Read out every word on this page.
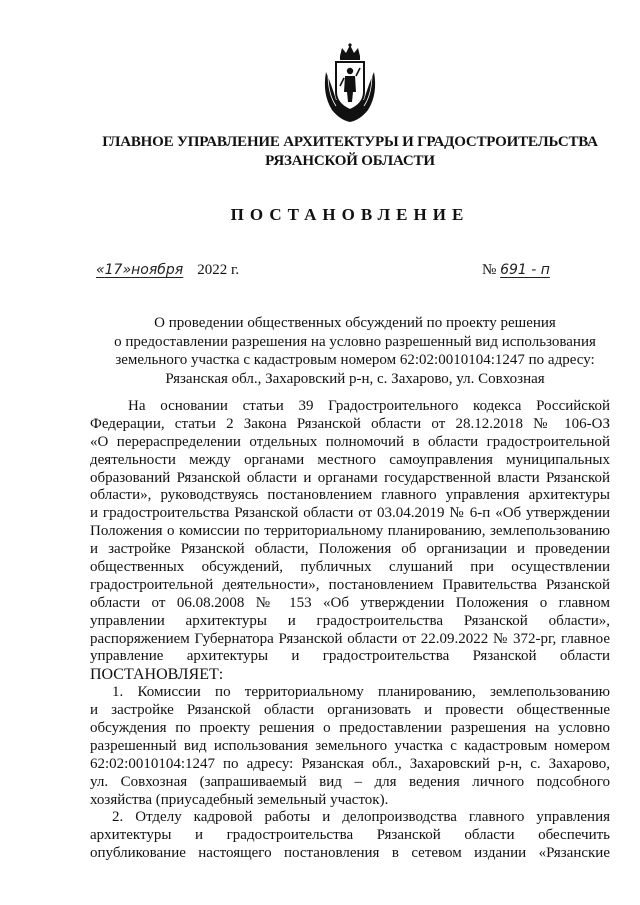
ГЛАВНОЕ УПРАВЛЕНИЕ АРХИТЕКТУРЫ И ГРАДОСТРОИТЕЛЬСТВА
РЯЗАНСКОЙ ОБЛАСТИ
ПОСТАНОВЛЕНИЕ
«17»ноября 2022 г.	№ 691 - п
О проведении общественных обсуждений по проекту решения
о предоставлении разрешения на условно разрешенный вид использования
земельного участка с кадастровым номером 62:02:0010104:1247 по адресу:
Рязанская обл., Захаровский р-н, с. Захарово, ул. Совхозная
На основании статьи 39 Градостроительного кодекса Российской
Федерации, статьи 2 Закона Рязанской области от 28.12.2018 № 106-ОЗ
«О перераспределении отдельных полномочий в области градостроительной
деятельности между органами местного самоуправления муниципальных
образований Рязанской области и органами государственной власти Рязанской
области», руководствуясь постановлением главного управления архитектуры
и градостроительства Рязанской области от 03.04.2019 № 6-п «Об утверждении
Положения о комиссии по территориальному планированию, землепользованию
и застройке Рязанской области, Положения об организации и проведении
общественных обсуждений, публичных слушаний при осуществлении
градостроительной деятельности», постановлением Правительства Рязанской
области от 06.08.2008 № 153 «Об утверждении Положения о главном
управлении архитектуры и градостроительства Рязанской области»,
распоряжением Губернатора Рязанской области от 22.09.2022 № 372-рг, главное
управление архитектуры и градостроительства Рязанской области
ПОСТАНОВЛЯЕТ:
1. Комиссии по территориальному планированию, землепользованию
и застройке Рязанской области организовать и провести общественные
обсуждения по проекту решения о предоставлении разрешения на условно
разрешенный вид использования земельного участка с кадастровым номером
62:02:0010104:1247 по адресу: Рязанская обл., Захаровский р-н, с. Захарово,
ул. Совхозная (запрашиваемый вид – для ведения личного подсобного
хозяйства (приусадебный земельный участок).
2. Отделу кадровой работы и делопроизводства главного управления
архитектуры и градостроительства Рязанской области обеспечить
опубликование настоящего постановления в сетевом издании «Рязанские
